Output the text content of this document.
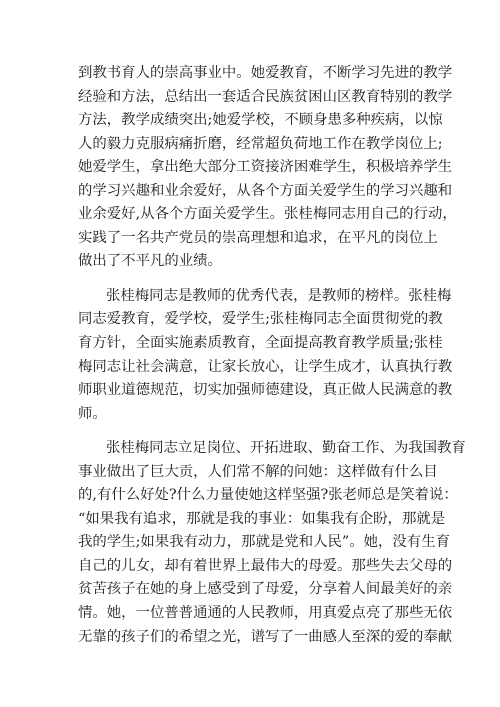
到教书育人的崇高事业中。她爱教育，不断学习先进的教学
经验和方法，总结出一套适合民族贫困山区教育特别的教学
方法，教学成绩突出;她爱学校，不顾身患多种疾病，以惊
人的毅力克服病痛折磨，经常超负荷地工作在教学岗位上;
她爱学生，拿出绝大部分工资接济困难学生，积极培养学生
的学习兴趣和业余爱好，从各个方面关爱学生的学习兴趣和
业余爱好,从各个方面关爱学生。张桂梅同志用自己的行动，
实践了一名共产党员的崇高理想和追求，在平凡的岗位上
做出了不平凡的业绩。
张桂梅同志是教师的优秀代表，是教师的榜样。张桂梅
同志爱教育，爱学校，爱学生;张桂梅同志全面贯彻党的教
育方针，全面实施素质教育，全面提高教育教学质量;张桂
梅同志让社会满意，让家长放心，让学生成才，认真执行教
师职业道德规范，切实加强师德建设，真正做人民满意的教
师。
张桂梅同志立足岗位、开拓进取、勤奋工作、为我国教育
事业做出了巨大贡，人们常不解的问她：这样做有什么目
的,有什么好处?什么力量使她这样坚强?张老师总是笑着说：
“如果我有追求，那就是我的事业：如集我有企盼，那就是
我的学生;如果我有动力，那就是党和人民”。她，没有生育
自己的儿女，却有着世界上最伟大的母爱。那些失去父母的
贫苦孩子在她的身上感受到了母爱，分享着人间最美好的亲
情。她，一位普普通通的人民教师，用真爱点亮了那些无依
无靠的孩子们的希望之光，谱写了一曲感人至深的爱的奉献
